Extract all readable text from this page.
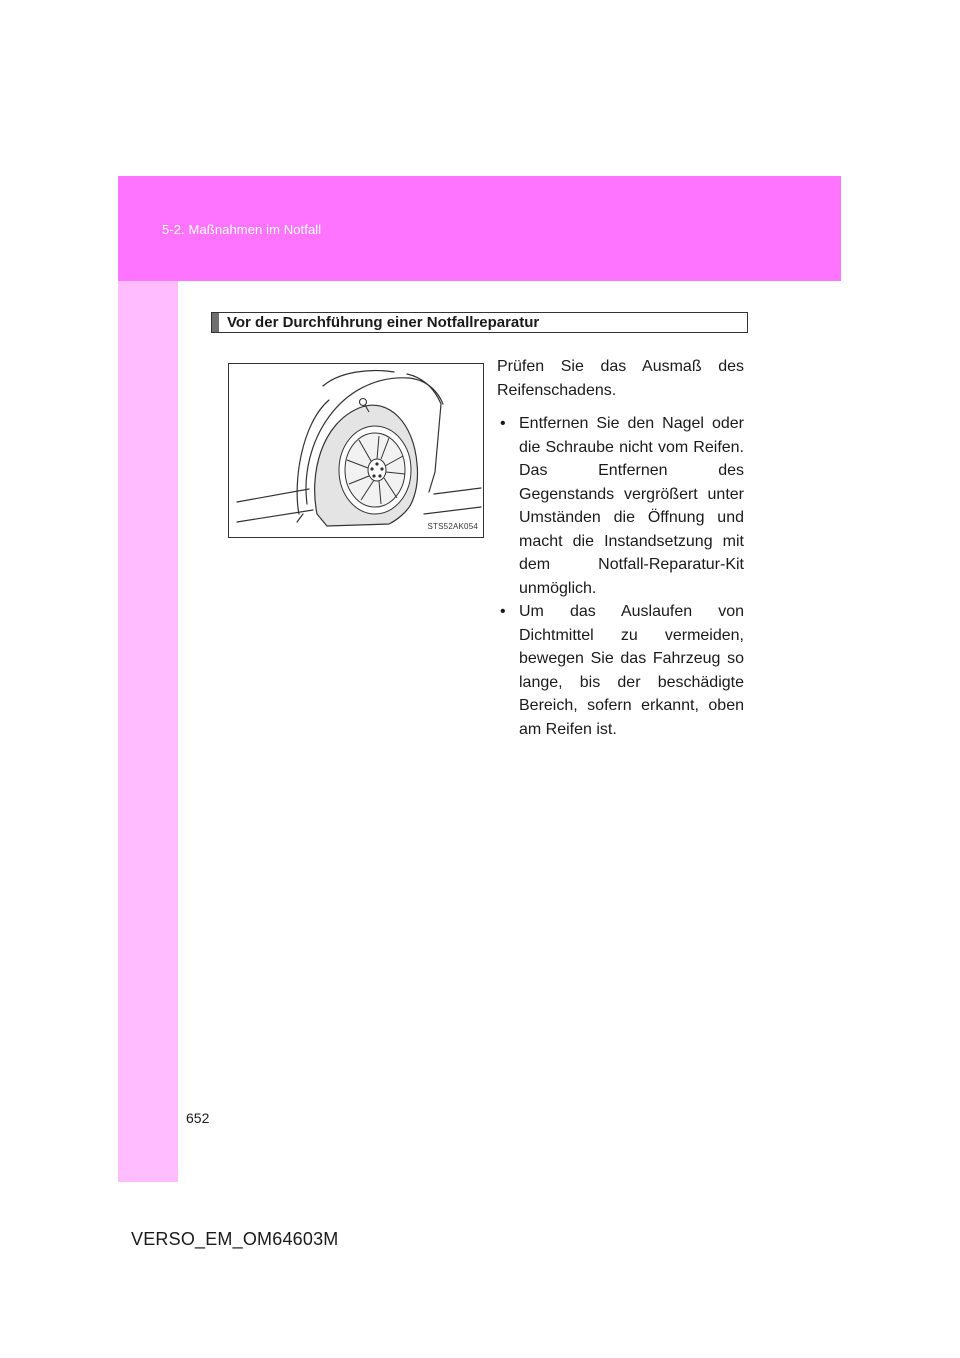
5-2. Maßnahmen im Notfall
Vor der Durchführung einer Notfallreparatur
STS52AK054

Prüfen Sie das Ausmaß des Reifenschadens.

• Entfernen Sie den Nagel oder die Schraube nicht vom Reifen. Das Entfernen des Gegenstands vergrößert unter Umständen die Öffnung und macht die Instandsetzung mit dem Notfall-Reparatur-Kit unmöglich.
• Um das Auslaufen von Dichtmittel zu vermeiden, bewegen Sie das Fahrzeug so lange, bis der beschädigte Bereich, sofern erkannt, oben am Reifen ist.
652
VERSO_EM_OM64603M
